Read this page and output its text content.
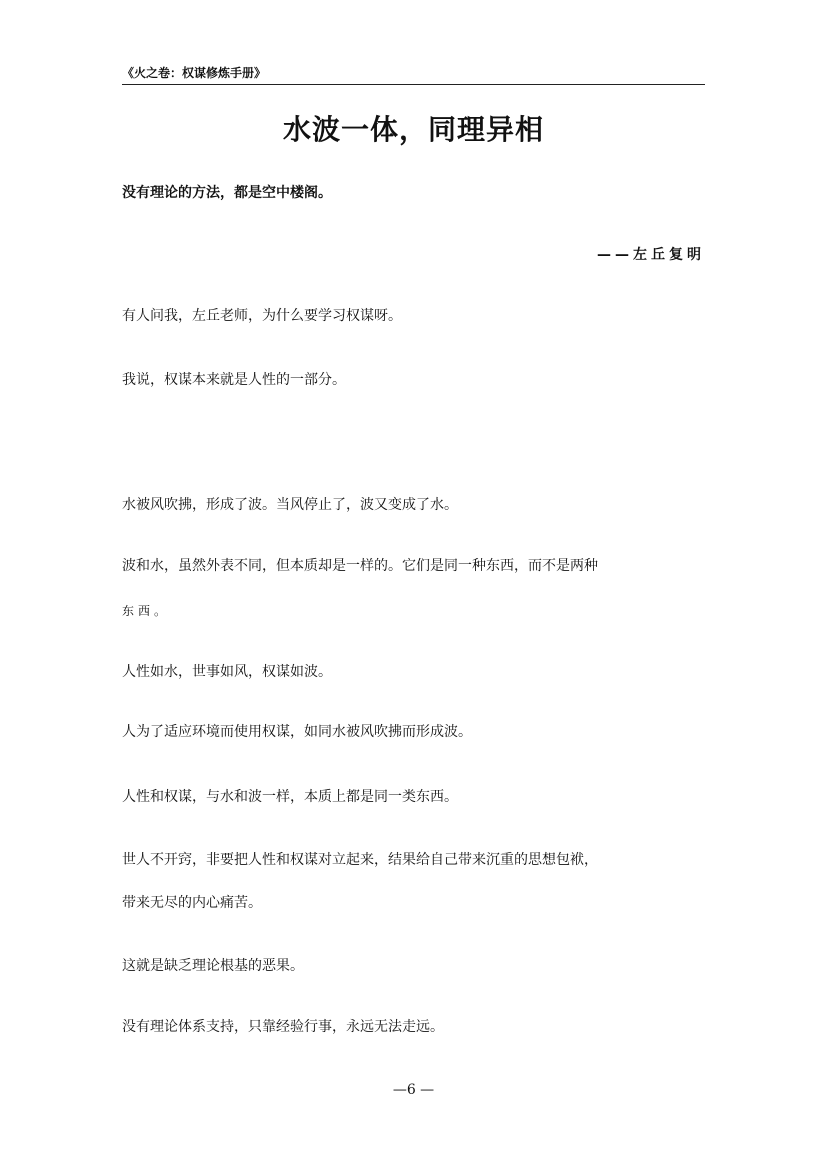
《火之卷：权谋修炼手册》
水波一体，同理异相
没有理论的方法，都是空中楼阁。
——左丘复明
有人问我，左丘老师，为什么要学习权谋呀。
我说，权谋本来就是人性的一部分。
水被风吹拂，形成了波。当风停止了，波又变成了水。
波和水，虽然外表不同，但本质却是一样的。它们是同一种东西，而不是两种
东西。
人性如水，世事如风，权谋如波。
人为了适应环境而使用权谋，如同水被风吹拂而形成波。
人性和权谋，与水和波一样，本质上都是同一类东西。
世人不开窍，非要把人性和权谋对立起来，结果给自己带来沉重的思想包袱，
带来无尽的内心痛苦。
这就是缺乏理论根基的恶果。
没有理论体系支持，只靠经验行事，永远无法走远。
—6 —
